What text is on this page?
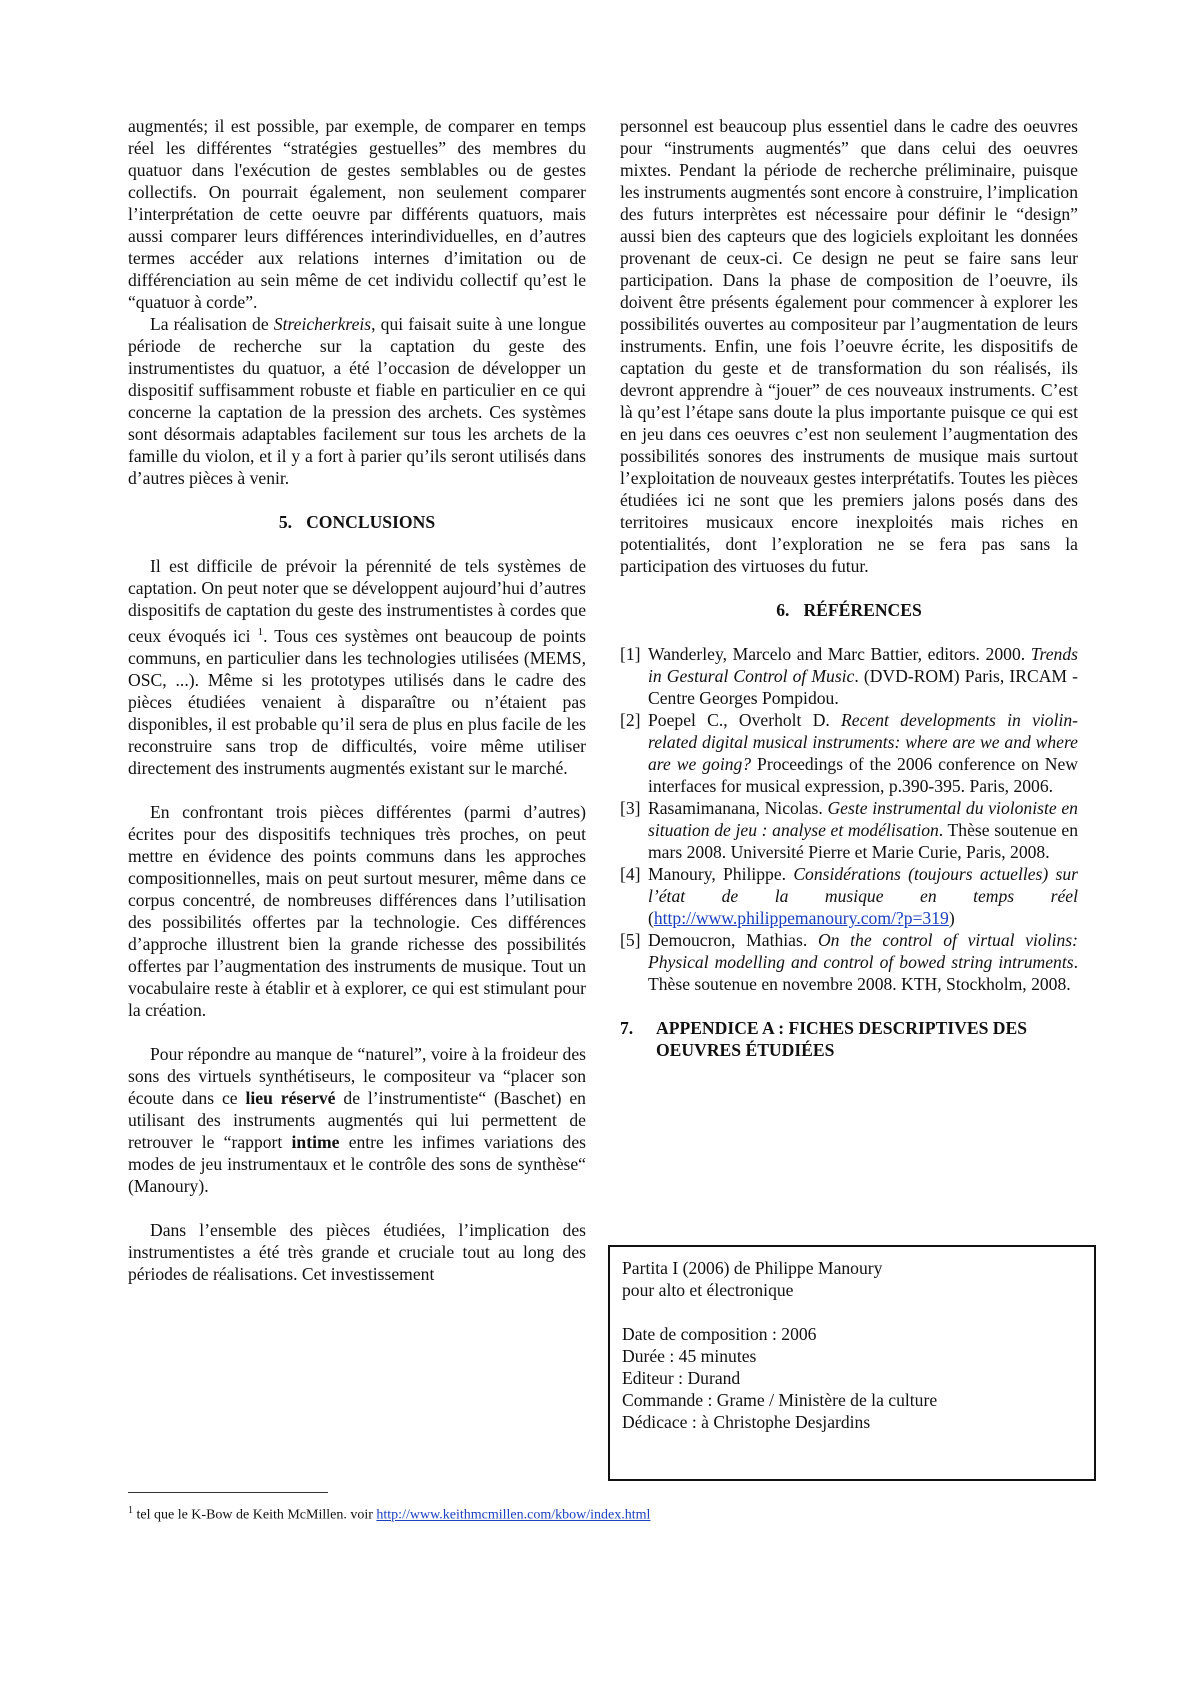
augmentés; il est possible, par exemple, de comparer en temps réel les différentes “stratégies gestuelles” des membres du quatuor dans l'exécution de gestes semblables ou de gestes collectifs. On pourrait également, non seulement comparer l’interprétation de cette oeuvre par différents quatuors, mais aussi comparer leurs différences interindividuelles, en d’autres termes accéder aux relations internes d’imitation ou de différenciation au sein même de cet individu collectif qu’est le “quatuor à corde”.

La réalisation de Streicherkreis, qui faisait suite à une longue période de recherche sur la captation du geste des instrumentistes du quatuor, a été l’occasion de développer un dispositif suffisamment robuste et fiable en particulier en ce qui concerne la captation de la pression des archets. Ces systèmes sont désormais adaptables facilement sur tous les archets de la famille du violon, et il y a fort à parier qu’ils seront utilisés dans d’autres pièces à venir.

5. CONCLUSIONS

Il est difficile de prévoir la pérennité de tels systèmes de captation. On peut noter que se développent aujourd’hui d’autres dispositifs de captation du geste des instrumentistes à cordes que ceux évoqués ici $^1$. Tous ces systèmes ont beaucoup de points communs, en particulier dans les technologies utilisées (MEMS, OSC, ...). Même si les prototypes utilisés dans le cadre des pièces étudiées venaient à disparaître ou n’étaient pas disponibles, il est probable qu’il sera de plus en plus facile de les reconstruire sans trop de difficultés, voire même utiliser directement des instruments augmentés existant sur le marché.

En confrontant trois pièces différentes (parmi d’autres) écrites pour des dispositifs techniques très proches, on peut mettre en évidence des points communs dans les approches compositionnelles, mais on peut surtout mesurer, même dans ce corpus concentré, de nombreuses différences dans l’utilisation des possibilités offertes par la technologie. Ces différences d’approche illustrent bien la grande richesse des possibilités offertes par l’augmentation des instruments de musique. Tout un vocabulaire reste à établir et à explorer, ce qui est stimulant pour la création.

Pour répondre au manque de “naturel”, voire à la froideur des sons des virtuels synthétiseurs, le compositeur va “placer son écoute dans ce lieu réservé de l’instrumentiste“ (Baschet) en utilisant des instruments augmentés qui lui permettent de retrouver le “rapport intime entre les infimes variations des modes de jeu instrumentaux et le contrôle des sons de synthèse“ (Manoury).

Dans l’ensemble des pièces étudiées, l’implication des instrumentistes a été très grande et cruciale tout au long des périodes de réalisations. Cet investissement

personnel est beaucoup plus essentiel dans le cadre des oeuvres pour “instruments augmentés” que dans celui des oeuvres mixtes. Pendant la période de recherche préliminaire, puisque les instruments augmentés sont encore à construire, l’implication des futurs interprètes est nécessaire pour définir le “design” aussi bien des capteurs que des logiciels exploitant les données provenant de ceux-ci. Ce design ne peut se faire sans leur participation. Dans la phase de composition de l’oeuvre, ils doivent être présents également pour commencer à explorer les possibilités ouvertes au compositeur par l’augmentation de leurs instruments. Enfin, une fois l’oeuvre écrite, les dispositifs de captation du geste et de transformation du son réalisés, ils devront apprendre à “jouer” de ces nouveaux instruments. C’est là qu’est l’étape sans doute la plus importante puisque ce qui est en jeu dans ces oeuvres c’est non seulement l’augmentation des possibilités sonores des instruments de musique mais surtout l’exploitation de nouveaux gestes interprétatifs. Toutes les pièces étudiées ici ne sont que les premiers jalons posés dans des territoires musicaux encore inexploités mais riches en potentialités, dont l’exploration ne se fera pas sans la participation des virtuoses du futur.

6. RÉFÉRENCES
[1] Wanderley, Marcelo and Marc Battier, editors. 2000. Trends in Gestural Control of Music. (DVD-ROM) Paris, IRCAM - Centre Georges Pompidou.
[2] Poepel C., Overholt D. Recent developments in violin-related digital musical instruments: where are we and where are we going? Proceedings of the 2006 conference on New interfaces for musical expression, p.390-395. Paris, 2006.
[3] Rasamimanana, Nicolas. Geste instrumental du violoniste en situation de jeu : analyse et modélisation. Thèse soutenue en mars 2008. Université Pierre et Marie Curie, Paris, 2008.
[4] Manoury, Philippe. Considérations (toujours actuelles) sur l’état de la musique en temps réel (http://www.philippemanoury.com/?p=319)
[5] Demoucron, Mathias. On the control of virtual violins: Physical modelling and control of bowed string intruments. Thèse soutenue en novembre 2008. KTH, Stockholm, 2008.
7.	APPENDICE A : FICHES DESCRIPTIVES DES OEUVRES ÉTUDIÉES
Partita I (2006) de Philippe Manoury
pour alto et électronique
Date de composition : 2006
Durée : 45 minutes
Editeur : Durand
Commande : Grame / Ministère de la culture
Dédicace : à Christophe Desjardins
$^1$ tel que le K-Bow de Keith McMillen. voir http://www.keithmcmillen.com/kbow/index.html
